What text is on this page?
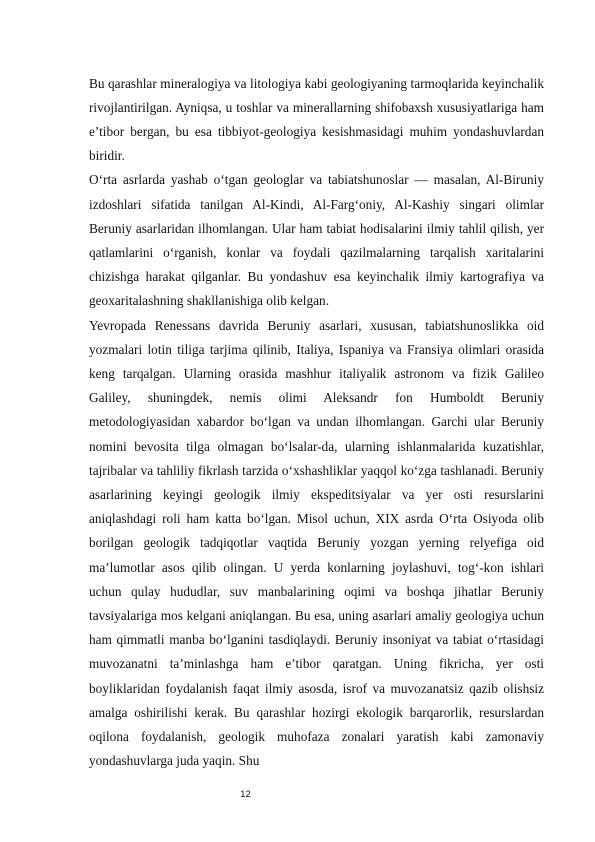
Bu qarashlar mineralogiya va litologiya kabi geologiyaning tarmoqlarida keyinchalik rivojlantirilgan. Ayniqsa, u toshlar va minerallarning shifobaxsh xususiyatlariga ham e’tibor bergan, bu esa tibbiyot-geologiya kesishmasidagi muhim yondashuvlardan biridir.

O‘rta asrlarda yashab o‘tgan geologlar va tabiatshunoslar — masalan, Al-Biruniy izdoshlari sifatida tanilgan Al-Kindi, Al-Farg‘oniy, Al-Kashiy singari olimlar Beruniy asarlaridan ilhomlangan. Ular ham tabiat hodisalarini ilmiy tahlil qilish, yer qatlamlarini o‘rganish, konlar va foydali qazilmalarning tarqalish xaritalarini chizishga harakat qilganlar. Bu yondashuv esa keyinchalik ilmiy kartografiya va geoxaritalashning shakllanishiga olib kelgan.

Yevropada Renessans davrida Beruniy asarlari, xususan, tabiatshunoslikka oid yozmalari lotin tiliga tarjima qilinib, Italiya, Ispaniya va Fransiya olimlari orasida keng tarqalgan. Ularning orasida mashhur italiyalik astronom va fizik Galileo Galiley, shuningdek, nemis olimi Aleksandr fon Humboldt Beruniy metodologiyasidan xabardor bo‘lgan va undan ilhomlangan. Garchi ular Beruniy nomini bevosita tilga olmagan bo‘lsalar-da, ularning ishlanmalarida kuzatishlar, tajribalar va tahliliy fikrlash tarzida o‘xshashliklar yaqqol ko‘zga tashlanadi. Beruniy asarlarining keyingi geologik ilmiy ekspeditsiyalar va yer osti resurslarini aniqlashdagi roli ham katta bo‘lgan. Misol uchun, XIX asrda O‘rta Osiyoda olib borilgan geologik tadqiqotlar vaqtida Beruniy yozgan yerning relyefiga oid ma’lumotlar asos qilib olingan. U yerda konlarning joylashuvi, tog‘-kon ishlari uchun qulay hududlar, suv manbalarining oqimi va boshqa jihatlar Beruniy tavsiyalariga mos kelgani aniqlangan. Bu esa, uning asarlari amaliy geologiya uchun ham qimmatli manba bo‘lganini tasdiqlaydi. Beruniy insoniyat va tabiat o‘rtasidagi muvozanatni ta’minlashga ham e’tibor qaratgan. Uning fikricha, yer osti boyliklaridan foydalanish faqat ilmiy asosda, isrof va muvozanatsiz qazib olishsiz amalga oshirilishi kerak. Bu qarashlar hozirgi ekologik barqarorlik, resurslardan oqilona foydalanish, geologik muhofaza zonalari yaratish kabi zamonaviy yondashuvlarga juda yaqin. Shu

12
